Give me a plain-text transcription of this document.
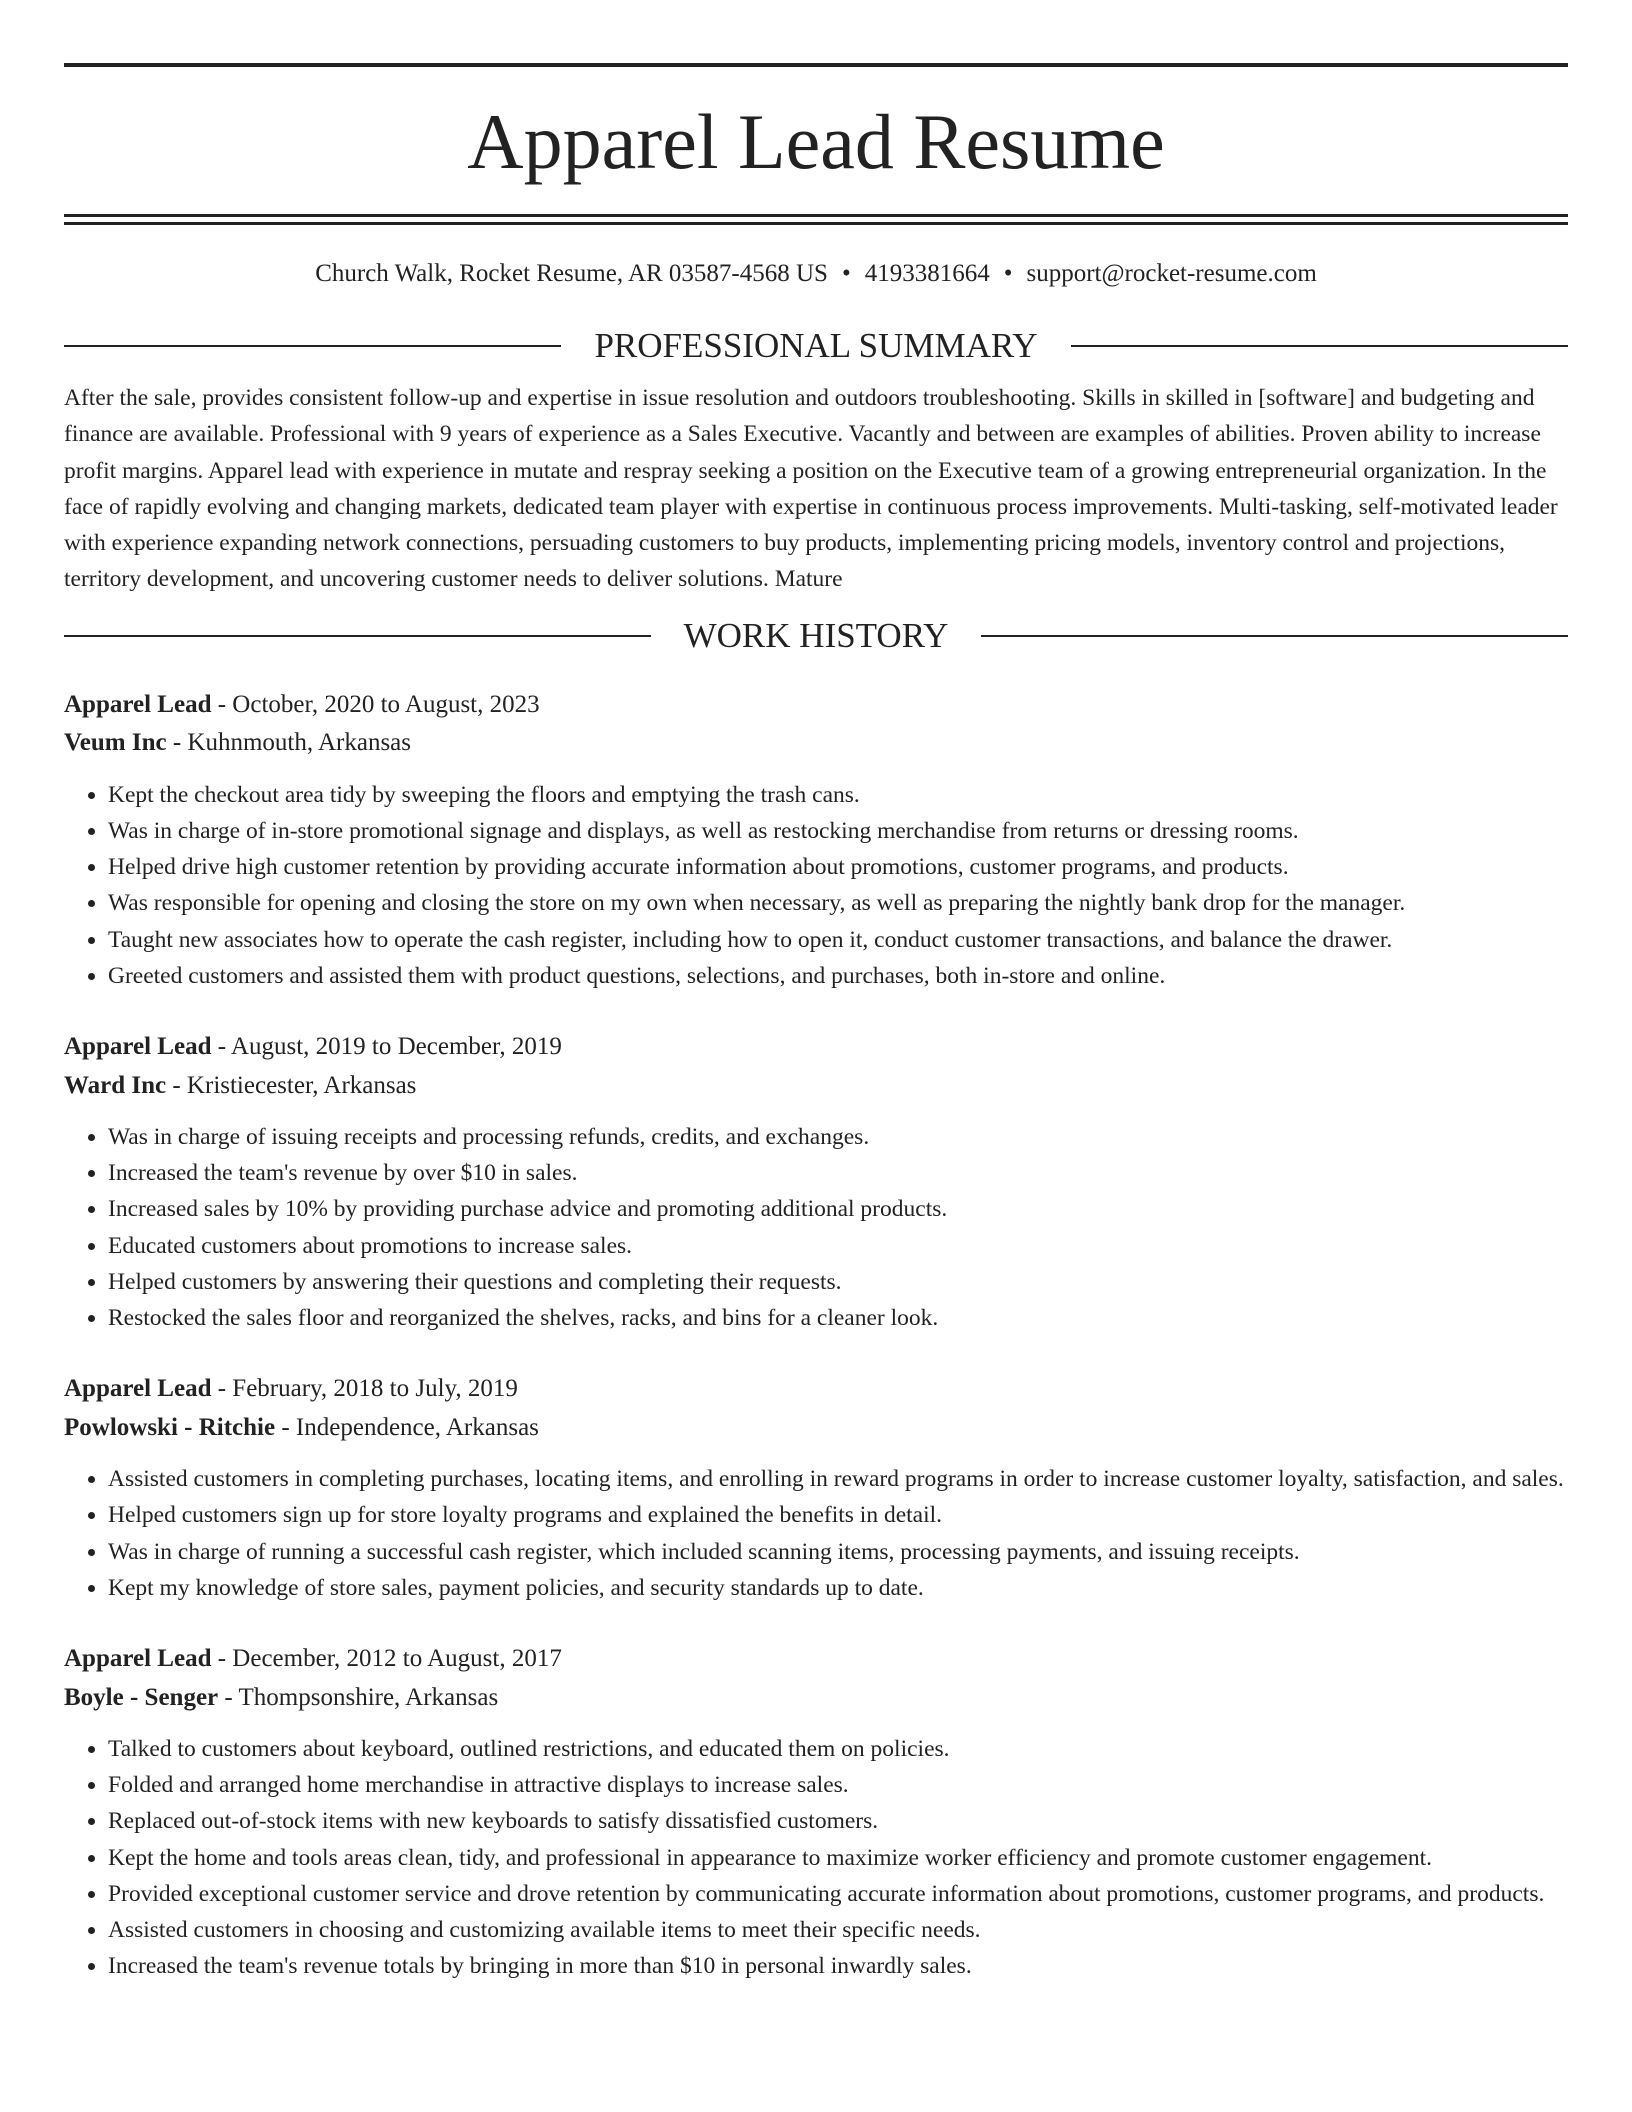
Apparel Lead Resume
Church Walk, Rocket Resume, AR 03587-4568 US • 4193381664 • support@rocket-resume.com
PROFESSIONAL SUMMARY
After the sale, provides consistent follow-up and expertise in issue resolution and outdoors troubleshooting. Skills in skilled in [software] and budgeting and finance are available. Professional with 9 years of experience as a Sales Executive. Vacantly and between are examples of abilities. Proven ability to increase profit margins. Apparel lead with experience in mutate and respray seeking a position on the Executive team of a growing entrepreneurial organization. In the face of rapidly evolving and changing markets, dedicated team player with expertise in continuous process improvements. Multi-tasking, self-motivated leader with experience expanding network connections, persuading customers to buy products, implementing pricing models, inventory control and projections, territory development, and uncovering customer needs to deliver solutions. Mature
WORK HISTORY
Apparel Lead - October, 2020 to August, 2023
Veum Inc - Kuhnmouth, Arkansas
• Kept the checkout area tidy by sweeping the floors and emptying the trash cans.
• Was in charge of in-store promotional signage and displays, as well as restocking merchandise from returns or dressing rooms.
• Helped drive high customer retention by providing accurate information about promotions, customer programs, and products.
• Was responsible for opening and closing the store on my own when necessary, as well as preparing the nightly bank drop for the manager.
• Taught new associates how to operate the cash register, including how to open it, conduct customer transactions, and balance the drawer.
• Greeted customers and assisted them with product questions, selections, and purchases, both in-store and online.
Apparel Lead - August, 2019 to December, 2019
Ward Inc - Kristiecester, Arkansas
• Was in charge of issuing receipts and processing refunds, credits, and exchanges.
• Increased the team's revenue by over $10 in sales.
• Increased sales by 10% by providing purchase advice and promoting additional products.
• Educated customers about promotions to increase sales.
• Helped customers by answering their questions and completing their requests.
• Restocked the sales floor and reorganized the shelves, racks, and bins for a cleaner look.
Apparel Lead - February, 2018 to July, 2019
Powlowski - Ritchie - Independence, Arkansas
• Assisted customers in completing purchases, locating items, and enrolling in reward programs in order to increase customer loyalty, satisfaction, and sales.
• Helped customers sign up for store loyalty programs and explained the benefits in detail.
• Was in charge of running a successful cash register, which included scanning items, processing payments, and issuing receipts.
• Kept my knowledge of store sales, payment policies, and security standards up to date.
Apparel Lead - December, 2012 to August, 2017
Boyle - Senger - Thompsonshire, Arkansas
• Talked to customers about keyboard, outlined restrictions, and educated them on policies.
• Folded and arranged home merchandise in attractive displays to increase sales.
• Replaced out-of-stock items with new keyboards to satisfy dissatisfied customers.
• Kept the home and tools areas clean, tidy, and professional in appearance to maximize worker efficiency and promote customer engagement.
• Provided exceptional customer service and drove retention by communicating accurate information about promotions, customer programs, and products.
• Assisted customers in choosing and customizing available items to meet their specific needs.
• Increased the team's revenue totals by bringing in more than $10 in personal inwardly sales.
